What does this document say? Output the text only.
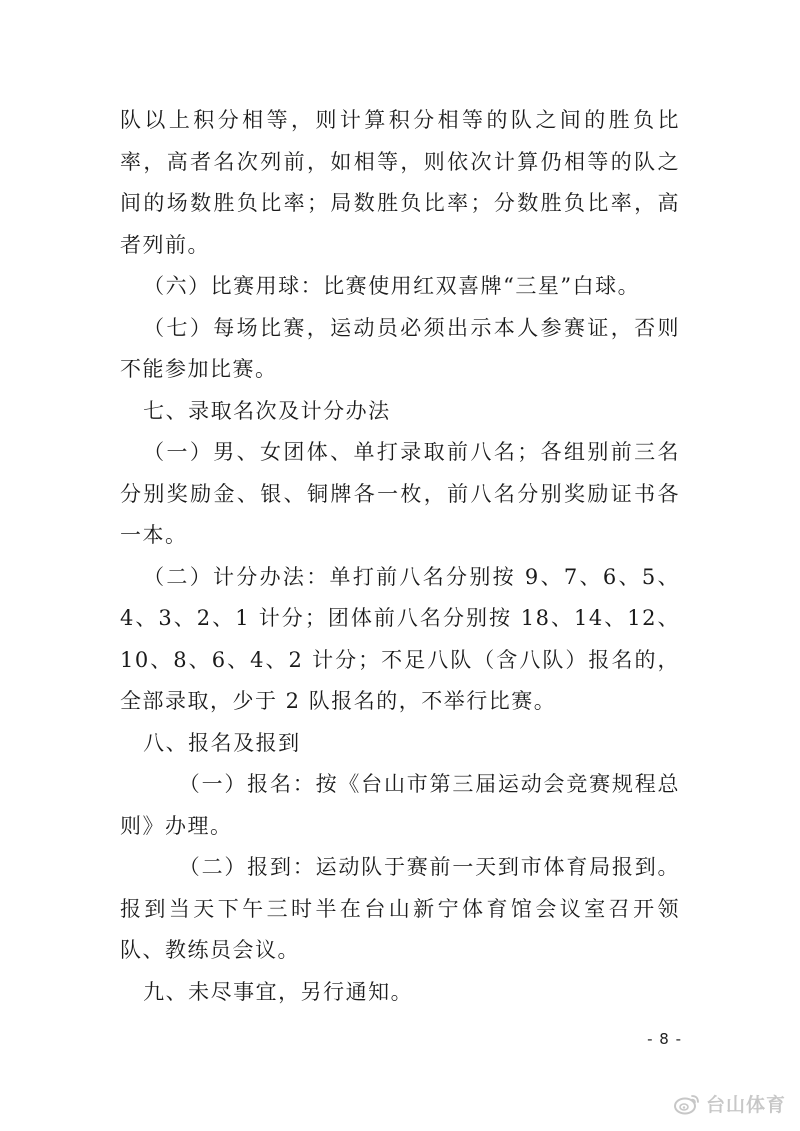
队以上积分相等，则计算积分相等的队之间的胜负比率，高者名次列前，如相等，则依次计算仍相等的队之间的场数胜负比率；局数胜负比率；分数胜负比率，高者列前。

（六）比赛用球：比赛使用红双喜牌“三星”白球。

（七）每场比赛，运动员必须出示本人参赛证，否则不能参加比赛。

七、录取名次及计分办法

（一）男、女团体、单打录取前八名；各组别前三名分别奖励金、银、铜牌各一枚，前八名分别奖励证书各一本。

（二）计分办法：单打前八名分别按 9、7、6、5、4、3、2、1 计分；团体前八名分别按 18、14、12、10、8、6、4、2 计分；不足八队（含八队）报名的，全部录取，少于 2 队报名的，不举行比赛。

八、报名及报到

（一）报名：按《台山市第三届运动会竞赛规程总则》办理。

（二）报到：运动队于赛前一天到市体育局报到。报到当天下午三时半在台山新宁体育馆会议室召开领队、教练员会议。

九、未尽事宜，另行通知。

- 8 -
台山体育
